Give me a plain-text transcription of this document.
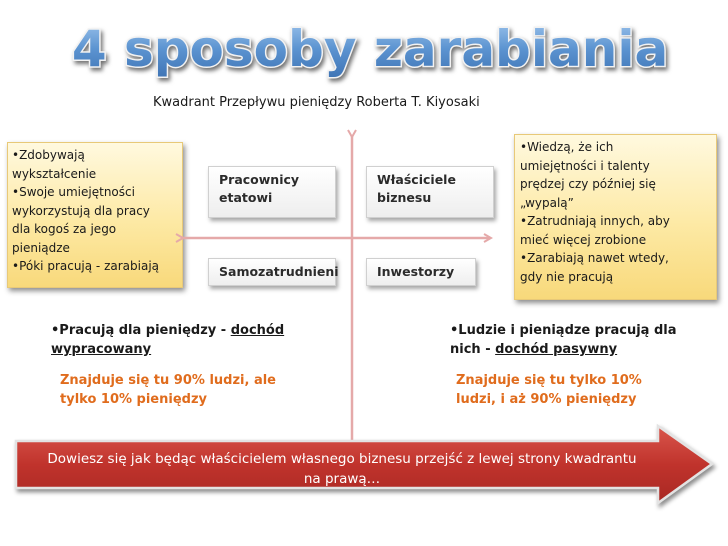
4 sposoby zarabiania
Kwadrant Przepływu pieniędzy Roberta T. Kiyosaki
•Zdobywają
wykształcenie
•Swoje umiejętności
wykorzystują dla pracy
dla kogoś za jego
pieniądze
•Póki pracują - zarabiają
•Wiedzą, że ich
umiejętności i talenty
prędzej czy później się
„wypalą”
•Zatrudniają innych, aby
mieć więcej zrobione
•Zarabiają nawet wtedy,
gdy nie pracują
Pracownicy
etatowi
Właściciele
biznesu
Samozatrudnieni	Inwestorzy
•Pracują dla pieniędzy - dochód wypracowany
•Ludzie i pieniądze pracują dla nich - dochód pasywny
Znajduje się tu 90% ludzi, ale
tylko 10% pieniędzy
Znajduje się tu tylko 10%
ludzi, i aż 90% pieniędzy
Dowiesz się jak będąc właścicielem własnego biznesu przejść z lewej strony kwadrantu
na prawą…
